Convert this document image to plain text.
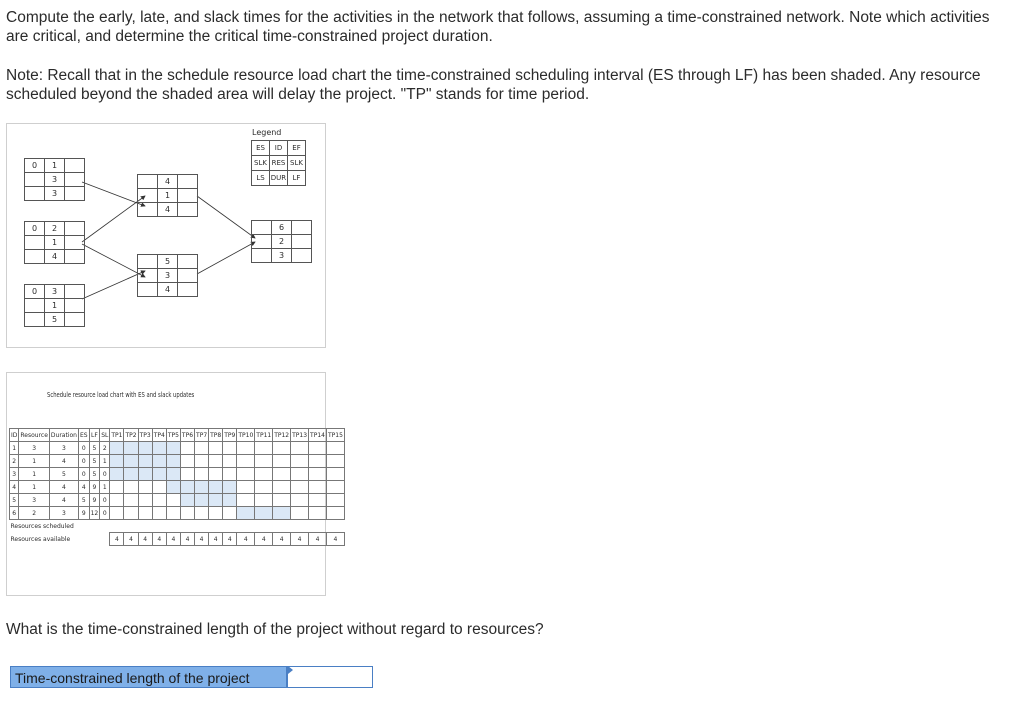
Compute the early, late, and slack times for the activities in the network that follows, assuming a time-constrained network. Note which activities are critical, and determine the critical time-constrained project duration.
Note: Recall that in the schedule resource load chart the time-constrained scheduling interval (ES through LF) has been shaded. Any resource scheduled beyond the shaded area will delay the project. "TP" stands for time period.
Legend
ES	ID	EF
SLK	RES	SLK
LS	DUR	LF
0	1	
	3	
	3	
0	2	
	1	
	4	
0	3	
	1	
	5	
	4	
	1	
	4	
	5	
	3	
	4	
	6	
	2	
	3	
Schedule resource load chart with ES and slack updates
ID	Resource	Duration	ES	LF	SL	TP1	TP2	TP3	TP4	TP5	TP6	TP7	TP8	TP9	TP10	TP11	TP12	TP13	TP14	TP15
1	3	3	0	5	2															
2	1	4	0	5	1															
3	1	5	0	5	0															
4	1	4	4	9	1															
5	3	4	5	9	0															
6	2	3	9	12	0															
Resources scheduled																				
Resources available						4	4	4	4	4	4	4	4	4	4	4	4	4	4	4
What is the time-constrained length of the project without regard to resources?
Time-constrained length of the project
